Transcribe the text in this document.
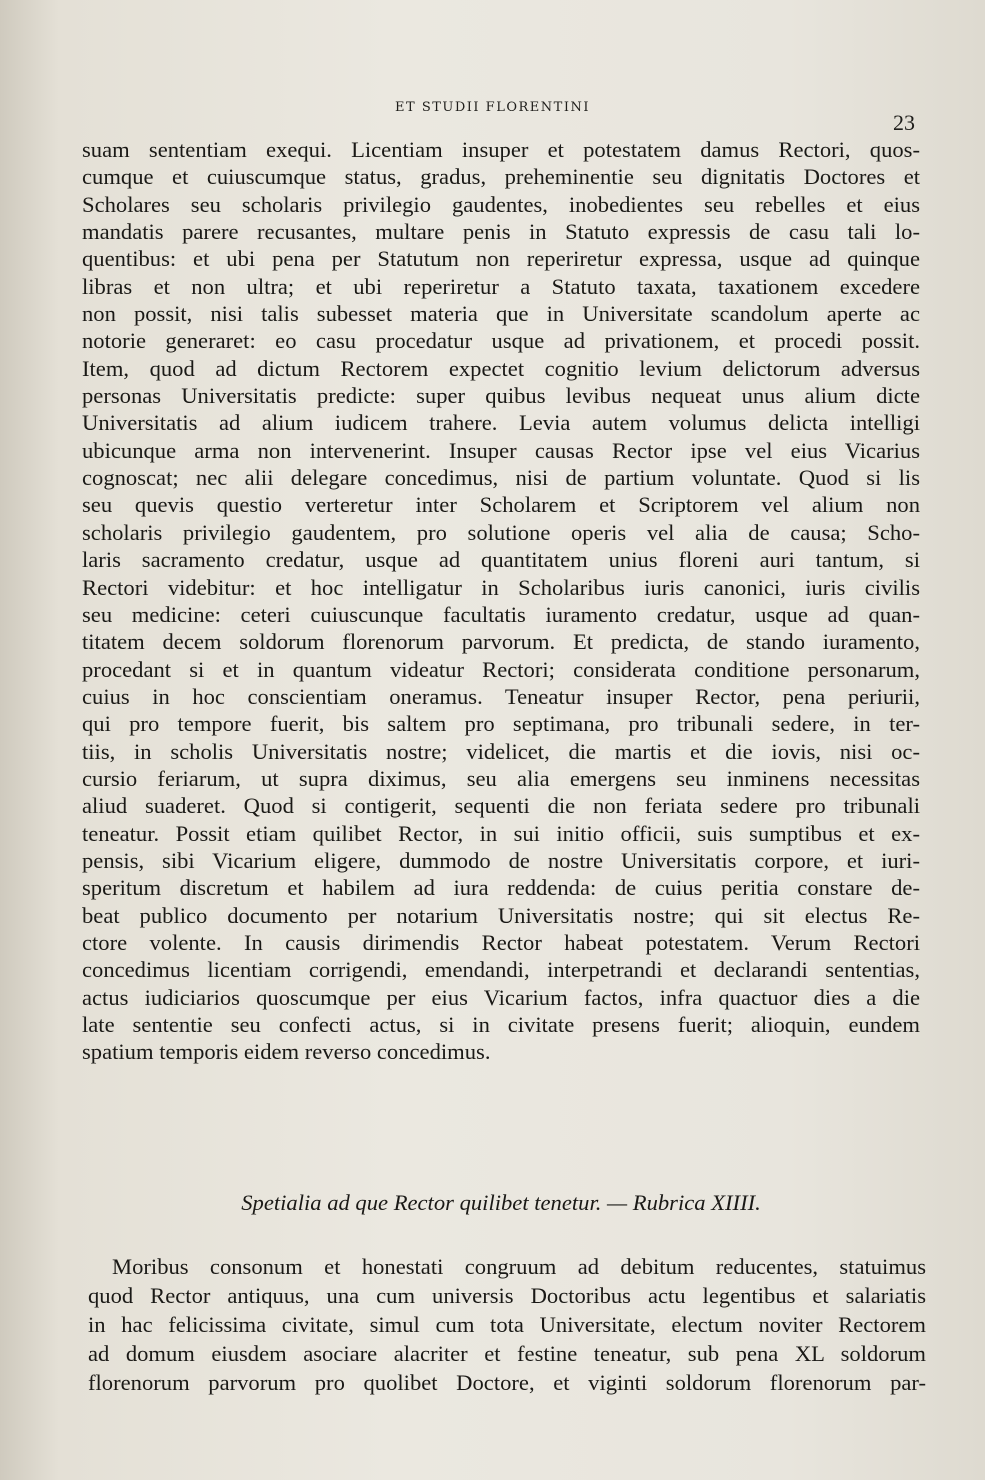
ET STUDII FLORENTINI
23
suam sententiam exequi. Licentiam insuper et potestatem damus Rectori, quos-
cumque et cuiuscumque status, gradus, preheminentie seu dignitatis Doctores et
Scholares seu scholaris privilegio gaudentes, inobedientes seu rebelles et eius
mandatis parere recusantes, multare penis in Statuto expressis de casu tali lo-
quentibus: et ubi pena per Statutum non reperiretur expressa, usque ad quinque
libras et non ultra; et ubi reperiretur a Statuto taxata, taxationem excedere
non possit, nisi talis subesset materia que in Universitate scandolum aperte ac
notorie generaret: eo casu procedatur usque ad privationem, et procedi possit.
Item, quod ad dictum Rectorem expectet cognitio levium delictorum adversus
personas Universitatis predicte: super quibus levibus nequeat unus alium dicte
Universitatis ad alium iudicem trahere. Levia autem volumus delicta intelligi
ubicunque arma non intervenerint. Insuper causas Rector ipse vel eius Vicarius
cognoscat; nec alii delegare concedimus, nisi de partium voluntate. Quod si lis
seu quevis questio verteretur inter Scholarem et Scriptorem vel alium non
scholaris privilegio gaudentem, pro solutione operis vel alia de causa; Scho-
laris sacramento credatur, usque ad quantitatem unius floreni auri tantum, si
Rectori videbitur: et hoc intelligatur in Scholaribus iuris canonici, iuris civilis
seu medicine: ceteri cuiuscunque facultatis iuramento credatur, usque ad quan-
titatem decem soldorum florenorum parvorum. Et predicta, de stando iuramento,
procedant si et in quantum videatur Rectori; considerata conditione personarum,
cuius in hoc conscientiam oneramus. Teneatur insuper Rector, pena periurii,
qui pro tempore fuerit, bis saltem pro septimana, pro tribunali sedere, in ter-
tiis, in scholis Universitatis nostre; videlicet, die martis et die iovis, nisi oc-
cursio feriarum, ut supra diximus, seu alia emergens seu inminens necessitas
aliud suaderet. Quod si contigerit, sequenti die non feriata sedere pro tribunali
teneatur. Possit etiam quilibet Rector, in sui initio officii, suis sumptibus et ex-
pensis, sibi Vicarium eligere, dummodo de nostre Universitatis corpore, et iuri-
speritum discretum et habilem ad iura reddenda: de cuius peritia constare de-
beat publico documento per notarium Universitatis nostre; qui sit electus Re-
ctore volente. In causis dirimendis Rector habeat potestatem. Verum Rectori
concedimus licentiam corrigendi, emendandi, interpetrandi et declarandi sententias,
actus iudiciarios quoscumque per eius Vicarium factos, infra quactuor dies a die
late sententie seu confecti actus, si in civitate presens fuerit; alioquin, eundem
spatium temporis eidem reverso concedimus.
Spetialia ad que Rector quilibet tenetur. — Rubrica XIIII.
Moribus consonum et honestati congruum ad debitum reducentes, statuimus
quod Rector antiquus, una cum universis Doctoribus actu legentibus et salariatis
in hac felicissima civitate, simul cum tota Universitate, electum noviter Rectorem
ad domum eiusdem asociare alacriter et festine teneatur, sub pena XL soldorum
florenorum parvorum pro quolibet Doctore, et viginti soldorum florenorum par-
